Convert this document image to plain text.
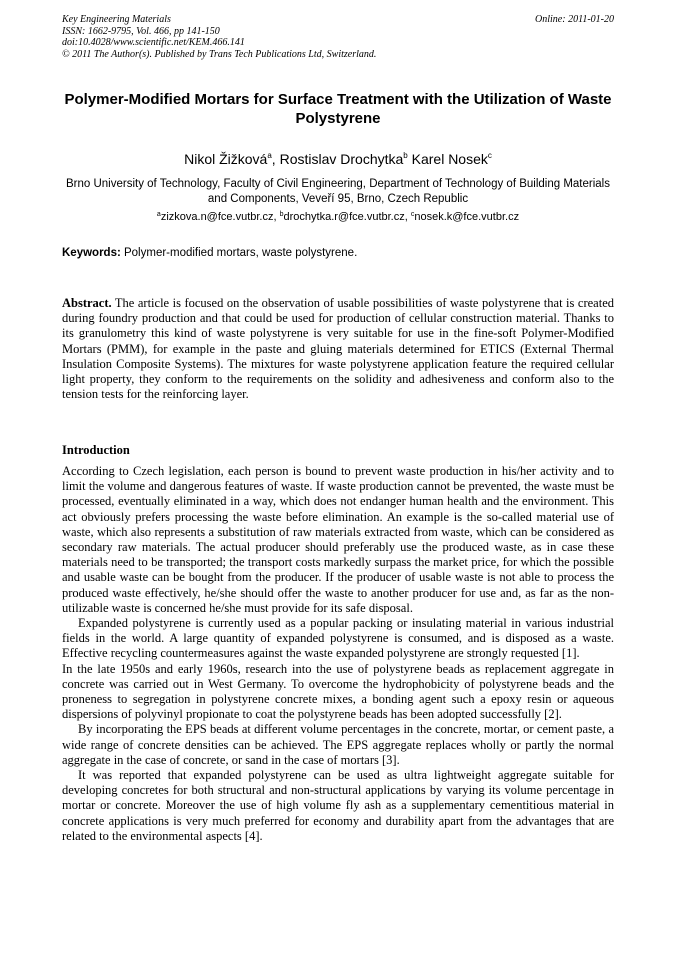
Key Engineering Materials	Online: 2011-01-20
ISSN: 1662-9795, Vol. 466, pp 141-150
doi:10.4028/www.scientific.net/KEM.466.141
© 2011 The Author(s). Published by Trans Tech Publications Ltd, Switzerland.
Polymer-Modified Mortars for Surface Treatment with the Utilization of Waste Polystyrene
Nikol Žižková$^a$, Rostislav Drochytka$^b$ Karel Nosek$^c$
Brno University of Technology, Faculty of Civil Engineering, Department of Technology of Building Materials and Components, Veveří 95, Brno, Czech Republic
$^a$zizkova.n@fce.vutbr.cz, $^b$drochytka.r@fce.vutbr.cz, $^c$nosek.k@fce.vutbr.cz
Keywords: Polymer-modified mortars, waste polystyrene.
Abstract. The article is focused on the observation of usable possibilities of waste polystyrene that is created during foundry production and that could be used for production of cellular construction material. Thanks to its granulometry this kind of waste polystyrene is very suitable for use in the fine-soft Polymer-Modified Mortars (PMM), for example in the paste and gluing materials determined for ETICS (External Thermal Insulation Composite Systems). The mixtures for waste polystyrene application feature the required cellular light property, they conform to the requirements on the solidity and adhesiveness and conform also to the tension tests for the reinforcing layer.
Introduction

According to Czech legislation, each person is bound to prevent waste production in his/her activity and to limit the volume and dangerous features of waste. If waste production cannot be prevented, the waste must be processed, eventually eliminated in a way, which does not endanger human health and the environment. This act obviously prefers processing the waste before elimination. An example is the so-called material use of waste, which also represents a substitution of raw materials extracted from waste, which can be considered as secondary raw materials. The actual producer should preferably use the produced waste, as in case these materials need to be transported; the transport costs markedly surpass the market price, for which the possible and usable waste can be bought from the producer. If the producer of usable waste is not able to process the produced waste effectively, he/she should offer the waste to another producer for use and, as far as the non-utilizable waste is concerned he/she must provide for its safe disposal.

Expanded polystyrene is currently used as a popular packing or insulating material in various industrial fields in the world. A large quantity of expanded polystyrene is consumed, and is disposed as a waste. Effective recycling countermeasures against the waste expanded polystyrene are strongly requested [1].

In the late 1950s and early 1960s, research into the use of polystyrene beads as replacement aggregate in concrete was carried out in West Germany. To overcome the hydrophobicity of polystyrene beads and the proneness to segregation in polystyrene concrete mixes, a bonding agent such a epoxy resin or aqueous dispersions of polyvinyl propionate to coat the polystyrene beads has been adopted successfully [2].

By incorporating the EPS beads at different volume percentages in the concrete, mortar, or cement paste, a wide range of concrete densities can be achieved. The EPS aggregate replaces wholly or partly the normal aggregate in the case of concrete, or sand in the case of mortars [3].

It was reported that expanded polystyrene can be used as ultra lightweight aggregate suitable for developing concretes for both structural and non-structural applications by varying its volume percentage in mortar or concrete. Moreover the use of high volume fly ash as a supplementary cementitious material in concrete applications is very much preferred for economy and durability apart from the advantages that are related to the environmental aspects [4].
